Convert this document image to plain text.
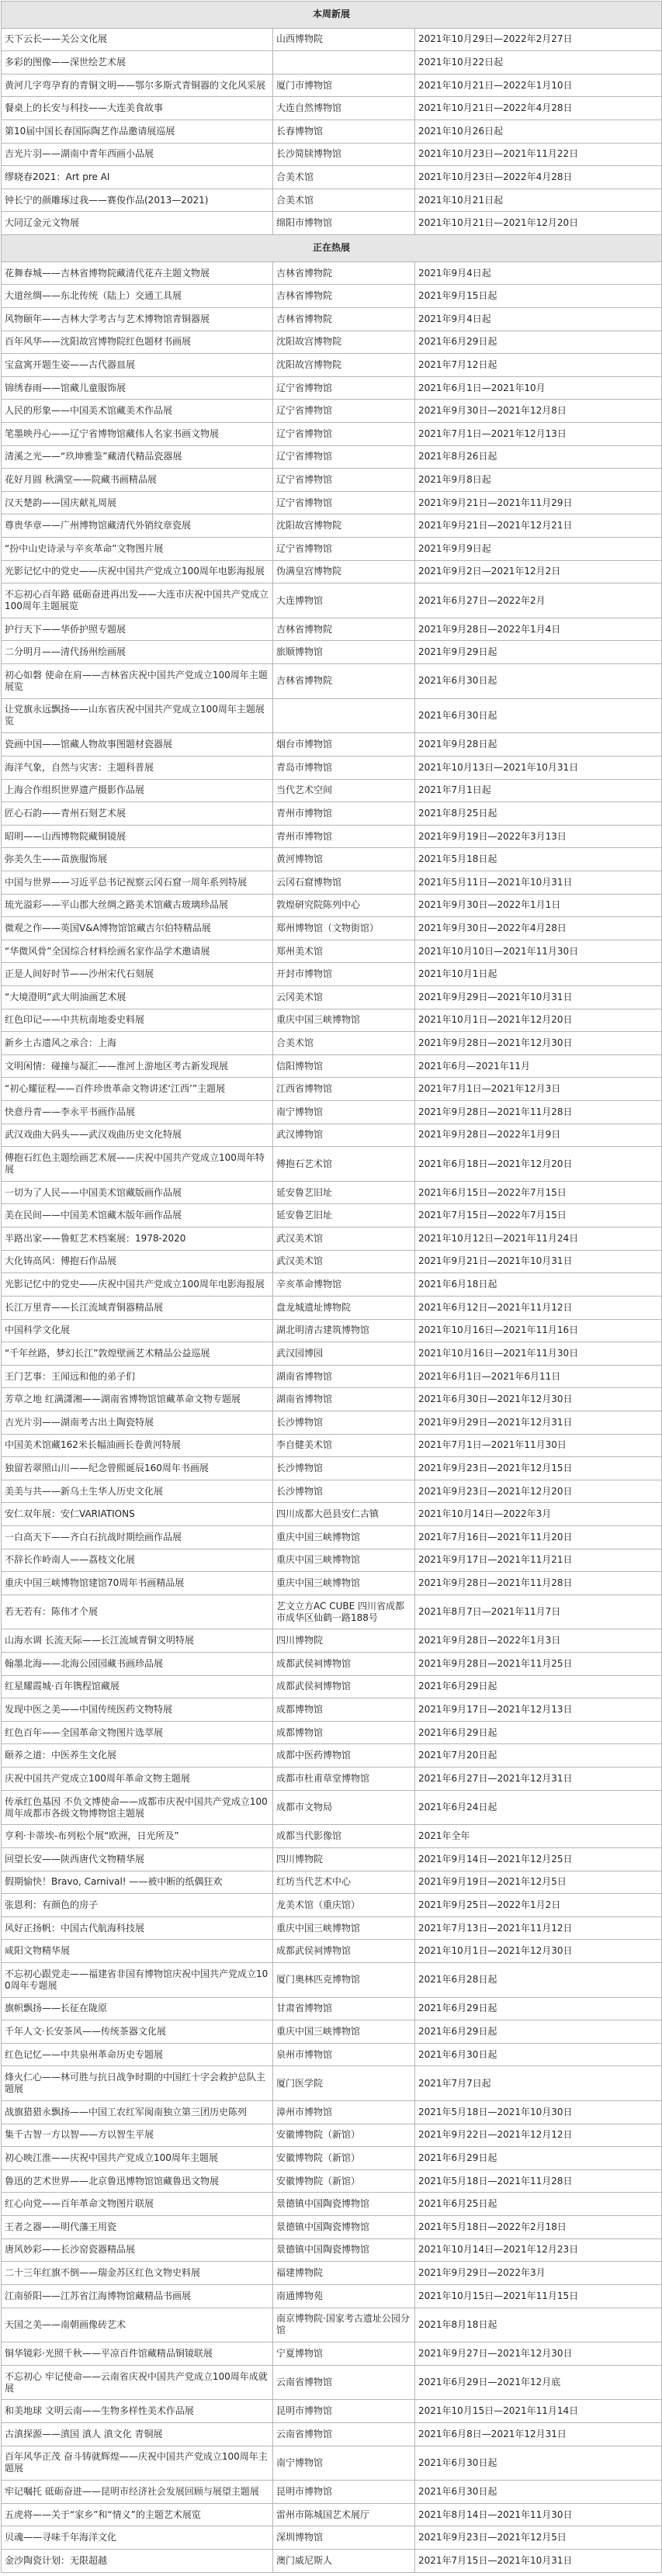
本周新展		
天下云长——关公文化展	山西博物院	2021年10月29日—2022年2月27日
多彩的图像——深世绘艺术展		2021年10月22日起
黄河几字弯孕育的青铜文明——鄂尔多斯式青铜器的文化风采展	厦门市博物馆	2021年10月21日—2022年1月10日
餐桌上的长安与科技——大连美食故事	大连自然博物馆	2021年10月21日—2022年4月28日
第10届中国长春国际陶艺作品邀请展巡展	长春博物馆	2021年10月26日起
吉光片羽——湖南中青年西画小品展	长沙简牍博物馆	2021年10月23日—2021年11月22日
缪晓春2021：Art pre AI	合美术馆	2021年10月23日—2022年4月28日
钟长宁的颜雕琢过我——赛俊作品(2013—2021)	合美术馆	2021年10月21日起
大同辽金元文物展	绵阳市博物馆	2021年10月21日—2021年12月20日
正在热展		
花舞春城——吉林省博物院藏清代花卉主题文物展	吉林省博物院	2021年9月4日起
大道丝绸——东北传统（陆上）交通工具展	吉林省博物院	2021年9月15日起
风物颐年——吉林大学考古与艺术博物馆青铜器展	吉林省博物院	2021年9月4日起
百年风华——沈阳故宫博物院红色题材书画展	沈阳故宫博物院	2021年6月29日起
宝盒寓开题生姿——古代器皿展	沈阳故宫博物院	2021年7月12日起
锦绣春雨——馆藏儿童服饰展	辽宁省博物馆	2021年6月1日—2021年10月
人民的形象——中国美术馆藏美术作品展	辽宁省博物馆	2021年9月30日—2021年12月8日
笔墨映丹心——辽宁省博物馆藏伟人名家书画文物展	辽宁省博物馆	2021年7月1日—2021年12月13日
清溪之光——“玖坤雅鉴”藏清代精品瓷器展	辽宁省博物馆	2021年8月26日起
花好月圆 秋满堂——院藏书画精品展	辽宁省博物馆	2021年9月8日起
汉天楚韵——国庆献礼周展	辽宁省博物馆	2021年9月21日—2021年11月29日
尊贵华章——广州博物馆藏清代外销纹章瓷展	沈阳故宫博物院	2021年9月21日—2021年12月21日
“扮中山史诗录与辛亥革命”文物图片展	辽宁省博物馆	2021年9月9日起
光影记忆中的党史——庆祝中国共产党成立100周年电影海报展	伪满皇宫博物院	2021年9月2日—2021年12月2日
不忘初心百年路 砥砺奋进再出发——大连市庆祝中国共产党成立100周年主题展览	大连博物馆	2021年6月27日—2022年2月
护行天下——华侨护照专题展	吉林省博物院	2021年9月28日—2022年1月4日
二分明月——清代扬州绘画展	旅顺博物馆	2021年9月29日起
初心如磐 使命在肩——吉林省庆祝中国共产党成立100周年主题展览	吉林省博物院	2021年6月30日起
让党旗永远飘扬——山东省庆祝中国共产党成立100周年主题展览		2021年6月30日起
瓷画中国——馆藏人物故事图题材瓷器展	烟台市博物馆	2021年9月28日起
海洋气象，自然与灾害：主题科普展	青岛市博物馆	2021年10月13日—2021年10月31日
上海合作组织世界遗产摄影作品展	当代艺术空间	2021年7月1日起
匠心石韵——青州石刻艺术展	青州市博物馆	2021年8月25日起
昭明——山西博物院藏铜镜展	青州市博物馆	2021年9月19日—2022年3月13日
弥美久生——苗族服饰展	黄河博物馆	2021年5月18日起
中国与世界——习近平总书记视察云冈石窟一周年系列特展	云冈石窟博物馆	2021年5月11日—2021年10月31日
琉光溢彩——平山郡大丝绸之路美术馆藏古玻璃珍品展	敦煌研究院陈列中心	2021年9月30日—2022年1月1日
微观之作——英国V&A博物馆馆藏吉尔伯特精品展	郑州博物馆（文物街馆）	2021年9月30日—2022年4月28日
“华微风骨”全国综合材料绘画名家作品学术邀请展	郑州美术馆	2021年10月10日—2021年11月30日
正是人间好时节——沙州宋代石刻展	开封市博物馆	2021年10月1日起
“大境澄明”武大明油画艺术展	云冈美术馆	2021年9月29日—2021年10月31日
红色印记——中共杭南地委史料展	重庆中国三峡博物馆	2021年10月1日—2021年12月20日
新乡土古遗风之承合：上海	合美术馆	2021年9月28日—2021年12月30日
文明闲情：碰撞与凝汇——淮河上游地区考古新发现展	信阳博物馆	2021年6月—2021年11月
“初心耀征程——百件珍贵革命文物讲述‘江西’”主题展	江西省博物馆	2021年7月1日—2021年12月3日
快意丹青——李永平书画作品展	南宁博物馆	2021年9月28日—2021年11月28日
武汉戏曲大码头——武汉戏曲历史文化特展	武汉博物馆	2021年9月28日—2022年1月9日
傅抱石红色主题绘画艺术展——庆祝中国共产党成立100周年特展	傅抱石艺术馆	2021年6月18日—2021年12月20日
一切为了人民——中国美术馆藏版画作品展	延安鲁艺旧址	2021年6月15日—2022年7月15日
美在民间——中国美术馆藏木版年画作品展	延安鲁艺旧址	2021年7月15日—2022年7月15日
半路出家——鲁虹艺术档案展：1978-2020	武汉美术馆	2021年10月12日—2021年11月24日
大化铸高风：傅抱石作品展	武汉美术馆	2021年9月21日—2021年10月31日
光影记忆中的党史——庆祝中国共产党成立100周年电影海报展	辛亥革命博物馆	2021年6月18日起
长江万里青——长江流域青铜器精品展	盘龙城遗址博物院	2021年6月12日—2021年11月12日
中国科学文化展	湖北明清古建筑博物馆	2021年10月16日—2021年11月16日
“千年丝路，梦幻长江”敦煌壁画艺术精品公益巡展	武汉园博园	2021年10月16日—2021年11月30日
王门艺事：王闻远和他的弟子们	湖南省博物馆	2021年6月1日—2021年6月11日
芳草之地 红满潇湘——湖南省博物馆馆藏革命文物专题展	湖南省博物馆	2021年6月30日—2021年12月30日
吉光片羽——湖南考古出土陶瓷特展	长沙博物馆	2021年9月29日—2021年12月31日
中国美术馆藏162米长幅油画长卷黄河特展	李自健美术馆	2021年7月1日—2021年11月30日
独留若翠照山川——纪念曾熙诞辰160周年书画展	长沙博物馆	2021年9月23日—2021年12月15日
美美与共——新乌土生华人历史文化展	长沙博物馆	2021年9月23日—2021年12月20日
安仁双年展：安仁VARIATIONS	四川成都大邑县安仁古镇	2021年10月14日—2022年3月
一白高天下——齐白石抗战时期绘画作品展	重庆中国三峡博物馆	2021年7月16日—2021年11月20日
不辞长作岭南人——荔枝文化展	重庆中国三峡博物馆	2021年9月17日—2021年11月21日
重庆中国三峡博物馆建馆70周年书画精品展	重庆中国三峡博物馆	2021年9月28日—2021年11月28日
若无若有：陈伟才个展	艺文立方AC CUBE 四川省成都市成华区仙鹤一路188号	2021年8月7日—2021年11月7日
山海水调 长流天际——长江流域青铜文明特展	四川博物院	2021年9月28日—2022年1月3日
翰墨北海——北海公园园藏书画珍品展	成都武侯祠博物馆	2021年9月28日—2021年11月25日
红星耀霞城·百年镌程馆藏展	成都武侯祠博物馆	2021年6月29日起
发现中医之美——中国传统医药文物特展	成都博物馆	2021年9月17日—2021年12月13日
红色百年——全国革命文物图片选萃展	成都博物馆	2021年6月29日起
颐养之道：中医养生文化展	成都中医药博物馆	2021年7月20日起
庆祝中国共产党成立100周年革命文物主题展	成都市杜甫草堂博物馆	2021年6月27日—2021年12月31日
传承红色基因 不负文博使命——成都市庆祝中国共产党成立100周年成都市各级文物博物馆主题展	成都市文物局	2021年6月24日起
亨利·卡蒂埃-布列松个展“欧洲，日光所及”	成都当代影像馆	2021年全年
回望长安——陕西唐代文物精华展	四川博物院	2021年9月14日—2021年12月25日
假期愉快！Bravo, Carnival! ——被中断的纸偶狂欢	红坊当代艺术中心	2021年9月19日—2021年12月5日
张恩利：有颜色的房子	龙美术馆（重庆馆）	2021年9月25日—2022年1月2日
风好正扬帆：中国古代航海科技展	重庆中国三峡博物馆	2021年7月13日—2021年11月12日
咸阳文物精华展	成都武侯祠博物馆	2021年10月1日—2021年12月30日
不忘初心跟党走——福建省非国有博物馆庆祝中国共产党成立100周年专题展	厦门奥林匹克博物馆	2021年6月28日起
旗帜飘扬——长征在陇原	甘肃省博物馆	2021年6月29日起
千年人文·长安茶风——传统茶器文化展	重庆中国三峡博物馆	2021年6月29日起
红色记忆——中共泉州革命历史专题展	泉州市博物馆	2021年6月30日起
烽火仁心——林可胜与抗日战争时期的中国红十字会救护总队主题展	厦门医学院	2021年7月7日起
战旗猎猎永飘扬——中国工农红军闽南独立第三团历史陈列	漳州市博物馆	2021年5月18日—2021年10月30日
集千古智一方以智——方以智生平展	安徽博物院（新馆）	2021年9月22日—2021年12月12日
初心映江淮——庆祝中国共产党成立100周年主题展	安徽博物院（新馆）	2021年6月29日起
鲁迅的艺术世界——北京鲁迅博物馆馆藏鲁迅文物展	安徽博物院（新馆）	2021年5月18日—2021年11月28日
红心向党——百年革命文物图片联展	景德镇中国陶瓷博物馆	2021年6月25日起
王者之器——明代藩王用瓷	景德镇中国陶瓷博物馆	2021年5月18日—2022年2月18日
唐风妙彩——长沙窑瓷器精品展	景德镇中国陶瓷博物馆	2021年10月14日—2021年12月23日
二十三年红旗不倒——瑞金苏区红色文物史料展	福建博物院	2021年9月29日—2022年3月
江南骄阳——江苏省江海博物馆藏精品书画展	南通博物苑	2021年10月15日—2021年11月15日
天国之美——南朝画像砖艺术	南京博物院·国家考古遗址公园分馆	2021年8月18日起
铜华镜彩·光照千秋——平凉百件馆藏精品铜镜联展	宁夏博物馆	2021年9月27日—2021年12月30日
不忘初心 牢记使命——云南省庆祝中国共产党成立100周年成就展	云南省博物馆	2021年6月29日—2021年12月底
和美地球 文明云南——生物多样性美术作品展	昆明市博物馆	2021年10月15日—2021年11月14日
古滇探源——滇国 滇人 滇文化 青铜展	云南省博物馆	2021年6月8日—2021年12月31日
百年风华正茂 奋斗铸就辉煌——庆祝中国共产党成立100周年主题展	南宁博物馆	2021年6月30日起
牢记嘱托 砥砺奋进——昆明市经济社会发展回顾与展望主题展	昆明市博物馆	2021年6月30日起
五虎将——关于“家乡”和“情义”的主题艺术展览	雷州市陈城国艺术展厅	2021年8月14日—2021年11月30日
贝魂——寻味千年海洋文化	深圳博物馆	2021年9月23日—2021年12月5日
金沙陶瓷计划：无限超越	澳门威尼斯人	2021年7月15日—2021年10月31日
